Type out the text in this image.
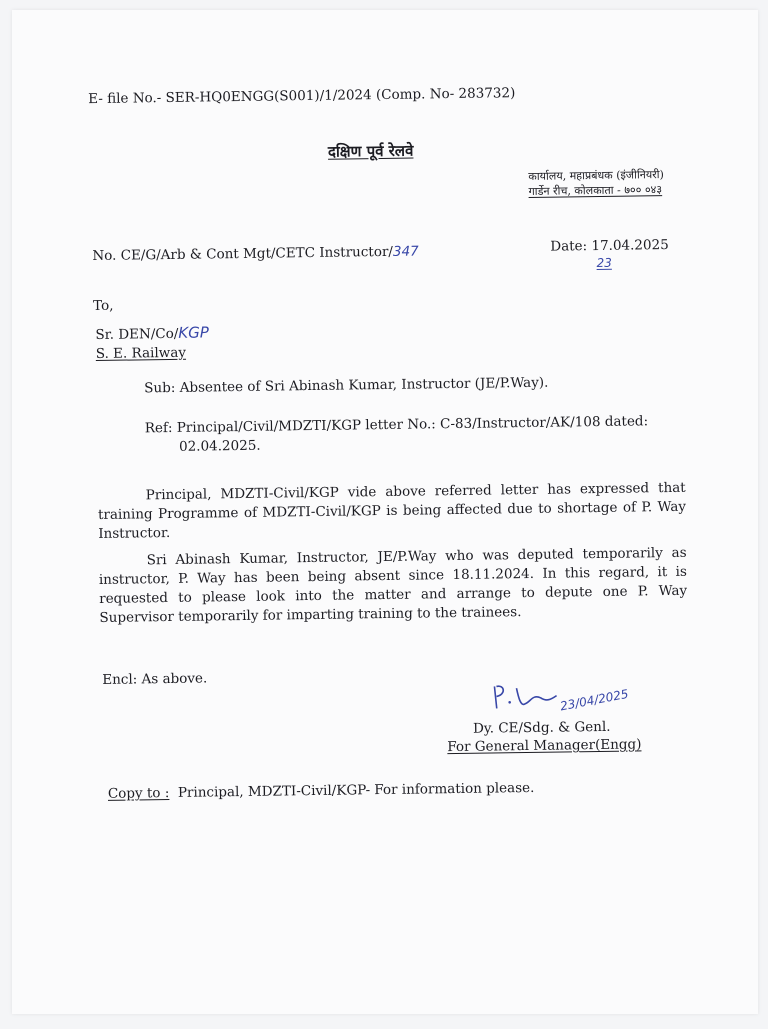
E- file No.- SER-HQ0ENGG(S001)/1/2024 (Comp. No- 283732)
दक्षिण पूर्व रेलवे
कार्यालय, महाप्रबंधक (इंजीनियरी)
गार्डेन रीच, कोलकाता - ७०० ०४३
No. CE/G/Arb & Cont Mgt/CETC Instructor/347	Date: 17.04.2025
23
To,
Sr. DEN/Co/KGP
S. E. Railway
Sub: Absentee of Sri Abinash Kumar, Instructor (JE/P.Way).
Ref: Principal/Civil/MDZTI/KGP letter No.: C-83/Instructor/AK/108 dated:
02.04.2025.
Principal, MDZTI-Civil/KGP vide above referred letter has expressed that training Programme of MDZTI-Civil/KGP is being affected due to shortage of P. Way Instructor.
Sri Abinash Kumar, Instructor, JE/P.Way who was deputed temporarily as instructor, P. Way has been being absent since 18.11.2024. In this regard, it is requested to please look into the matter and arrange to depute one P. Way Supervisor temporarily for imparting training to the trainees.
Encl: As above.
23/04/2025
Dy. CE/Sdg. & Genl.
For General Manager(Engg)
Copy to : Principal, MDZTI-Civil/KGP- For information please.
